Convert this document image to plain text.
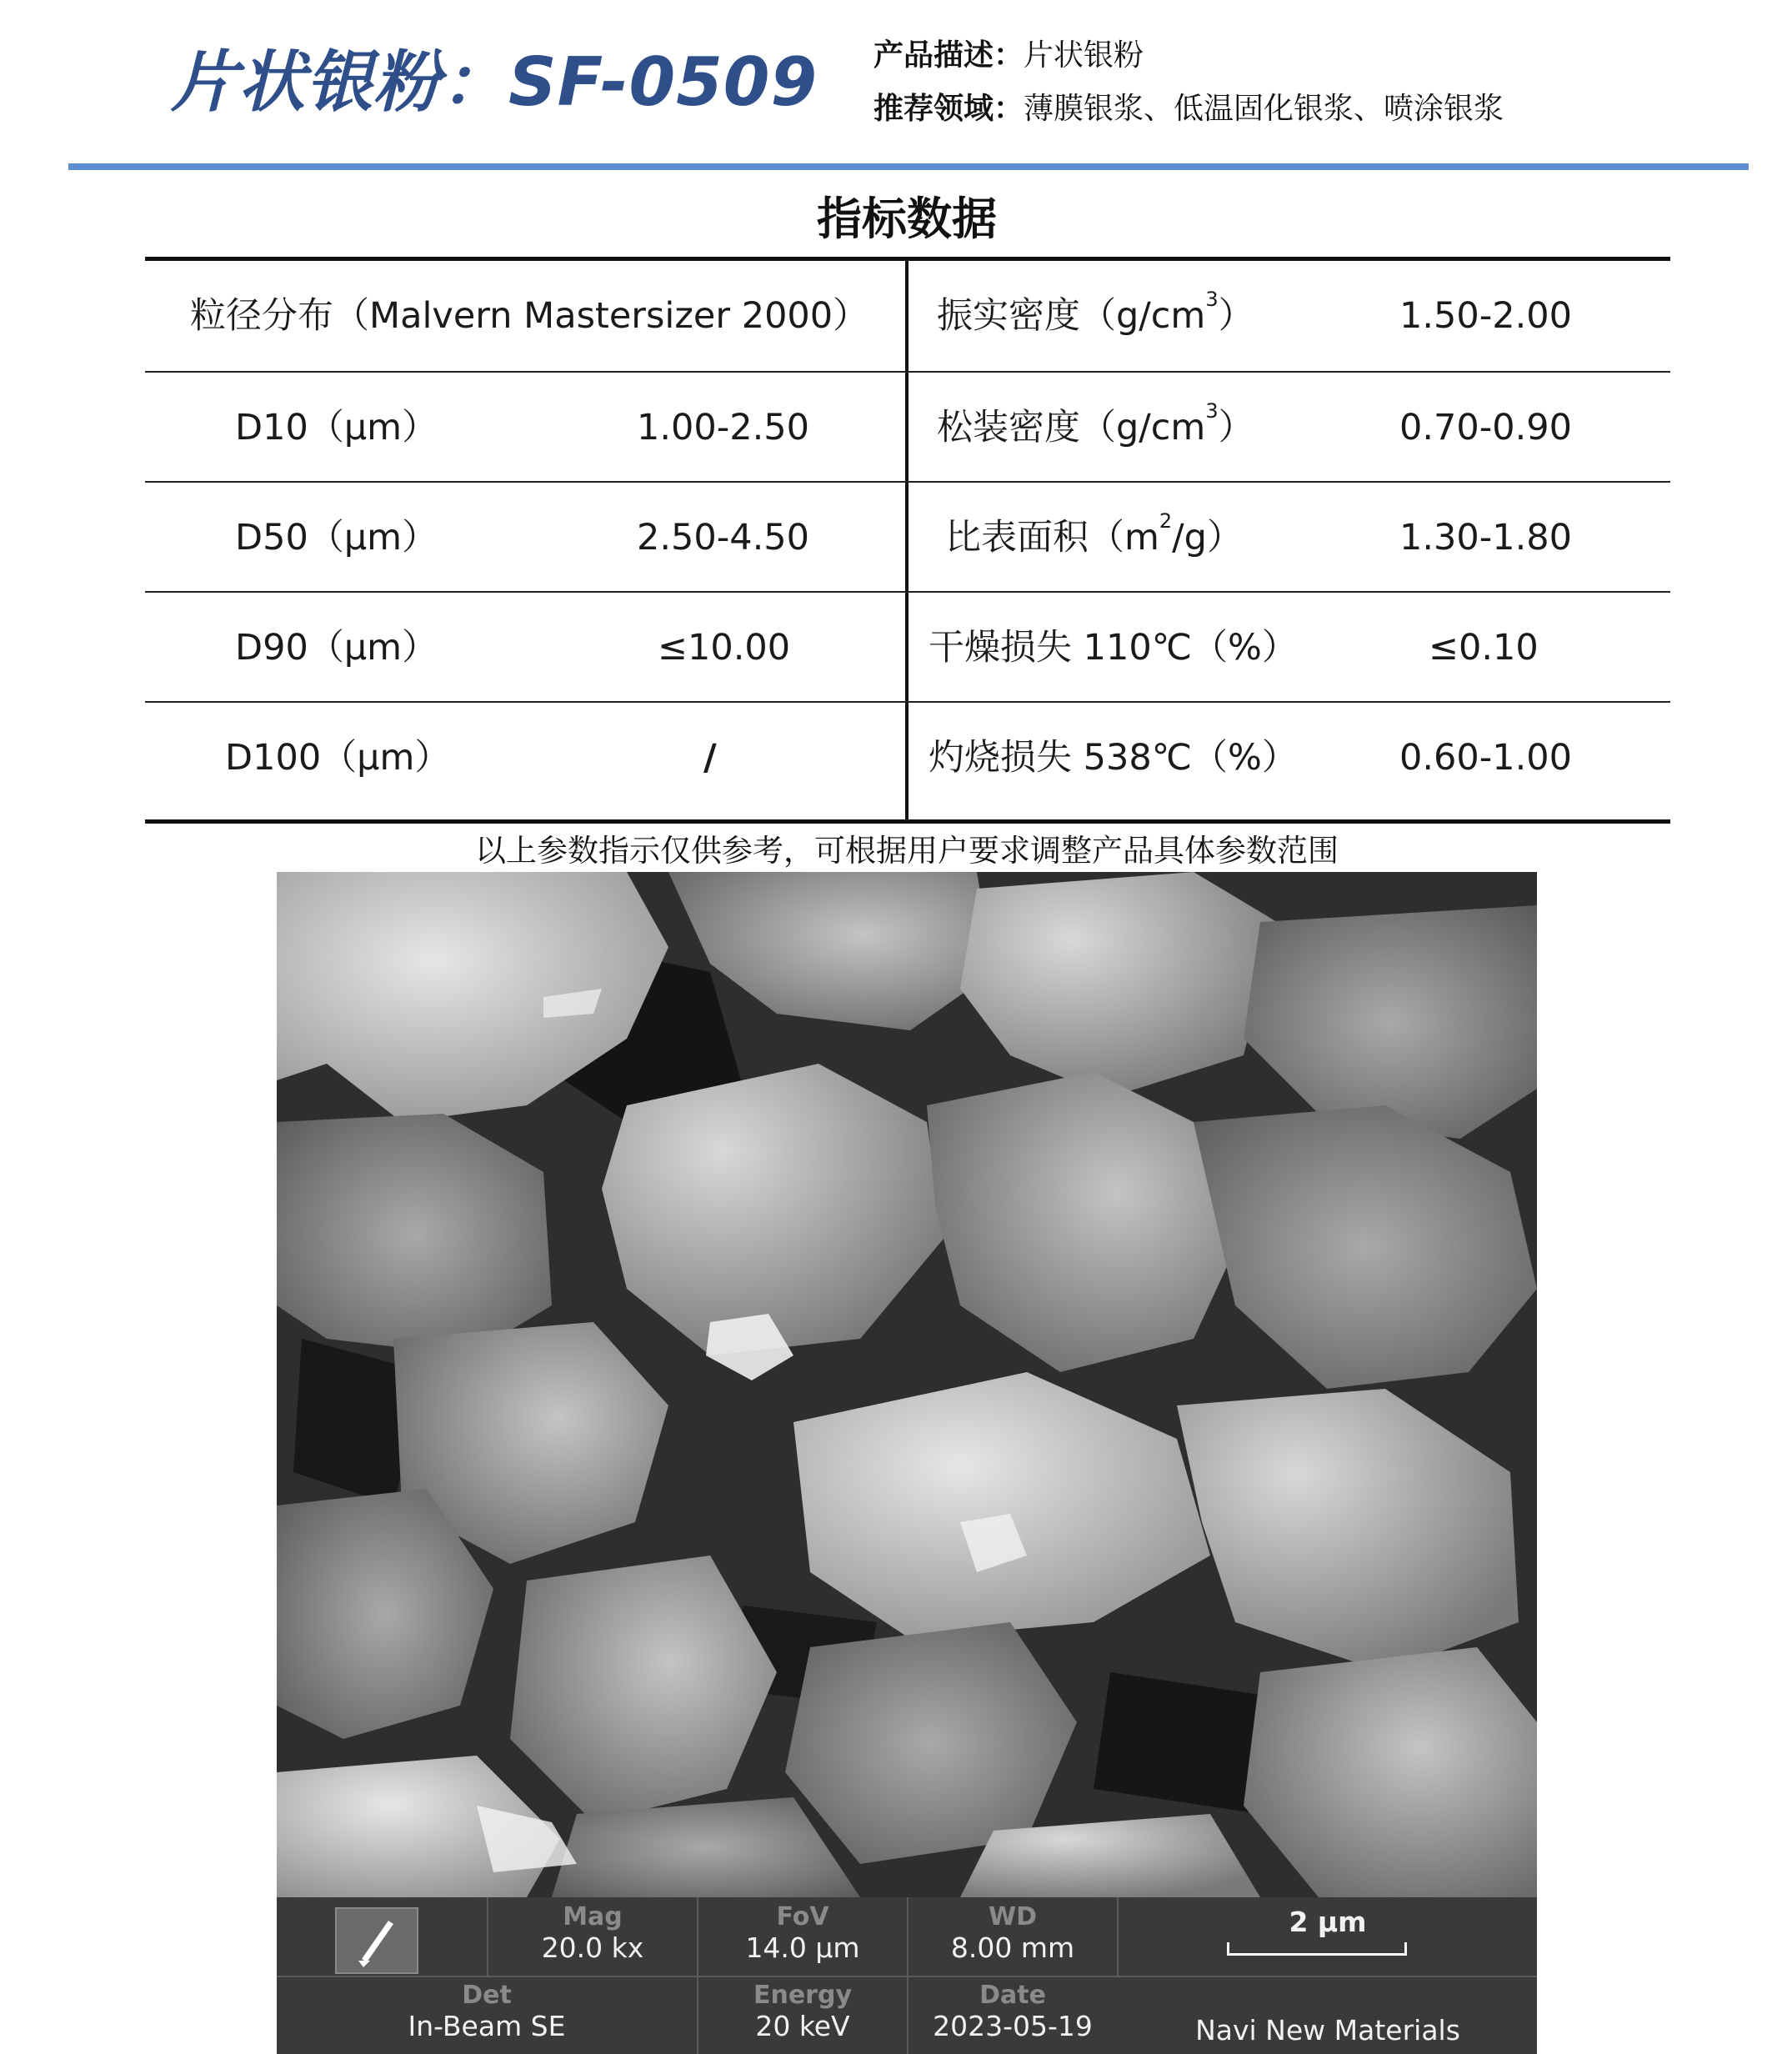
片状银粉：SF-0509 产品描述：片状银粉
推荐领域：薄膜银浆、低温固化银浆、喷涂银浆
指标数据
粒径分布（Malvern Mastersizer 2000） 振实密度$(g/cm^3)$	1.50-2.00
D10（μm）	1.00-2.50	松装密度$(g/cm^3)$	0.70-0.90
D50（μm）	2.50-4.50	比表面积$(m^2/g)$	1.30-1.80
D90（μm）	≤10.00	干燥损失 110℃（%）	≤0.10
D100（μm）	/	灼烧损失 538℃（%）	0.60-1.00
以上参数指示仅供参考，可根据用户要求调整产品具体参数范围
Mag
20.0 kx
FoV
14.0 μm
WD
8.00 mm
2 μm
Det
In-Beam SE
Energy
20 keV
Date
2023-05-19	Navi New Materials
